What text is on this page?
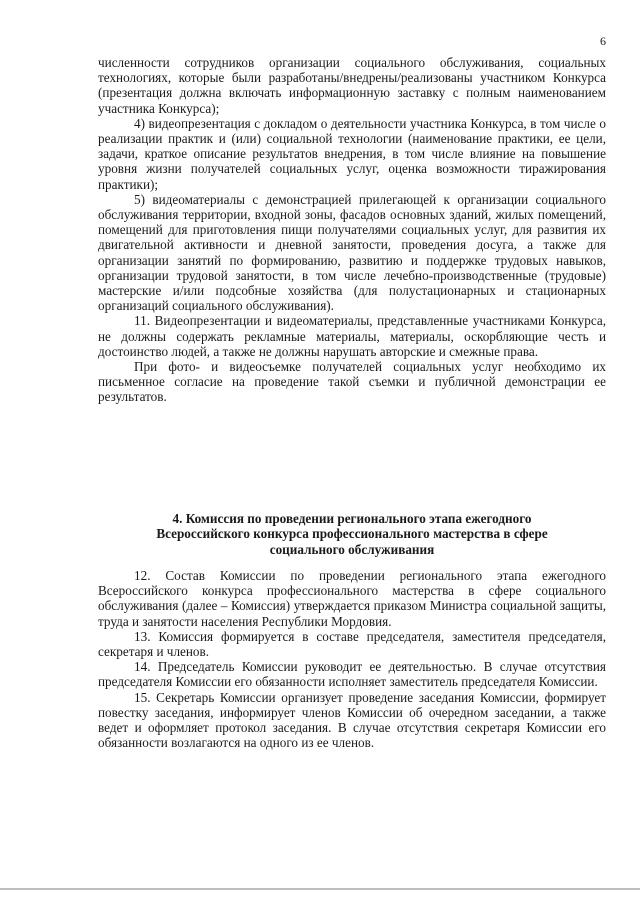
6

численности сотрудников организации социального обслуживания, социальных технологиях, которые были разработаны/внедрены/реализованы участником Конкурса (презентация должна включать информационную заставку с полным наименованием участника Конкурса);

4) видеопрезентация с докладом о деятельности участника Конкурса, в том числе о реализации практик и (или) социальной технологии (наименование практики, ее цели, задачи, краткое описание результатов внедрения, в том числе влияние на повышение уровня жизни получателей социальных услуг, оценка возможности тиражирования практики);

5) видеоматериалы с демонстрацией прилегающей к организации социального обслуживания территории, входной зоны, фасадов основных зданий, жилых помещений, помещений для приготовления пищи получателями социальных услуг, для развития их двигательной активности и дневной занятости, проведения досуга, а также для организации занятий по формированию, развитию и поддержке трудовых навыков, организации трудовой занятости, в том числе лечебно-производственные (трудовые) мастерские и/или подсобные хозяйства (для полустационарных и стационарных организаций социального обслуживания).

11. Видеопрезентации и видеоматериалы, представленные участниками Конкурса, не должны содержать рекламные материалы, материалы, оскорбляющие честь и достоинство людей, а также не должны нарушать авторские и смежные права.

При фото- и видеосъемке получателей социальных услуг необходимо их письменное согласие на проведение такой съемки и публичной демонстрации ее результатов.

4. Комиссия по проведении регионального этапа ежегодного
Всероссийского конкурса профессионального мастерства в сфере
социального обслуживания

12. Состав Комиссии по проведении регионального этапа ежегодного Всероссийского конкурса профессионального мастерства в сфере социального обслуживания (далее – Комиссия) утверждается приказом Министра социальной защиты, труда и занятости населения Республики Мордовия.

13. Комиссия формируется в составе председателя, заместителя председателя, секретаря и членов.

14. Председатель Комиссии руководит ее деятельностью. В случае отсутствия председателя Комиссии его обязанности исполняет заместитель председателя Комиссии.

15. Секретарь Комиссии организует проведение заседания Комиссии, формирует повестку заседания, информирует членов Комиссии об очередном заседании, а также ведет и оформляет протокол заседания. В случае отсутствия секретаря Комиссии его обязанности возлагаются на одного из ее членов.
